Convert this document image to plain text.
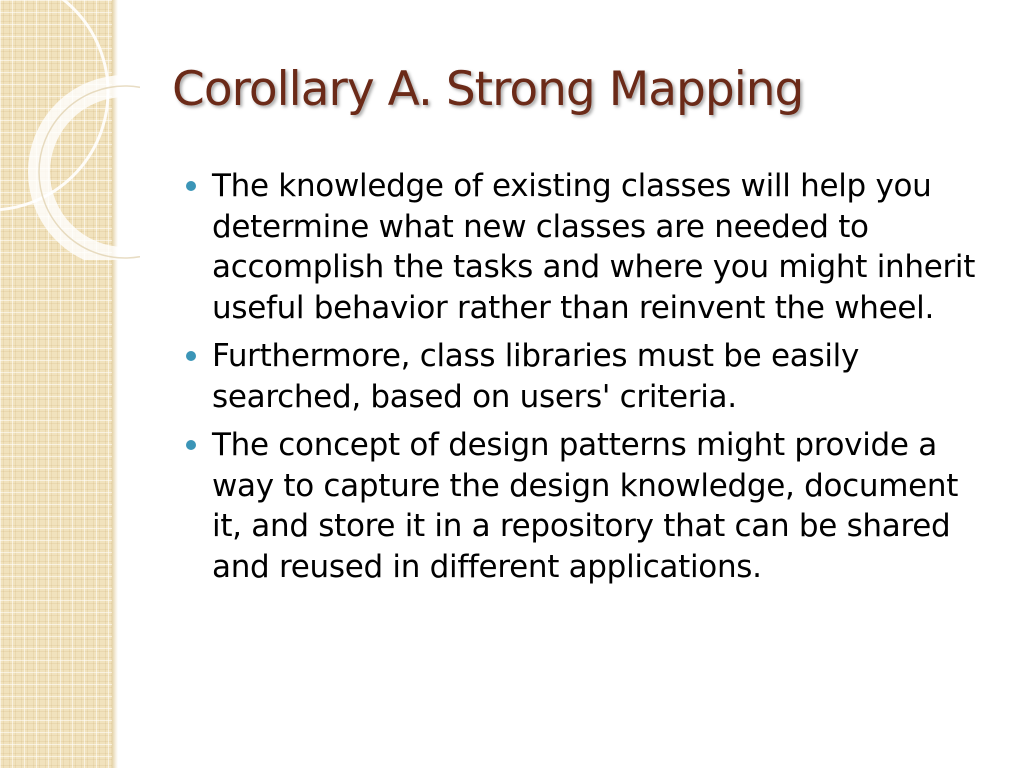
Corollary A. Strong Mapping
The knowledge of existing classes will help you determine what new classes are needed to accomplish the tasks and where you might inherit useful behavior rather than reinvent the wheel.
Furthermore, class libraries must be easily searched, based on users' criteria.
The concept of design patterns might provide a way to capture the design knowledge, document it, and store it in a repository that can be shared and reused in different applications.
